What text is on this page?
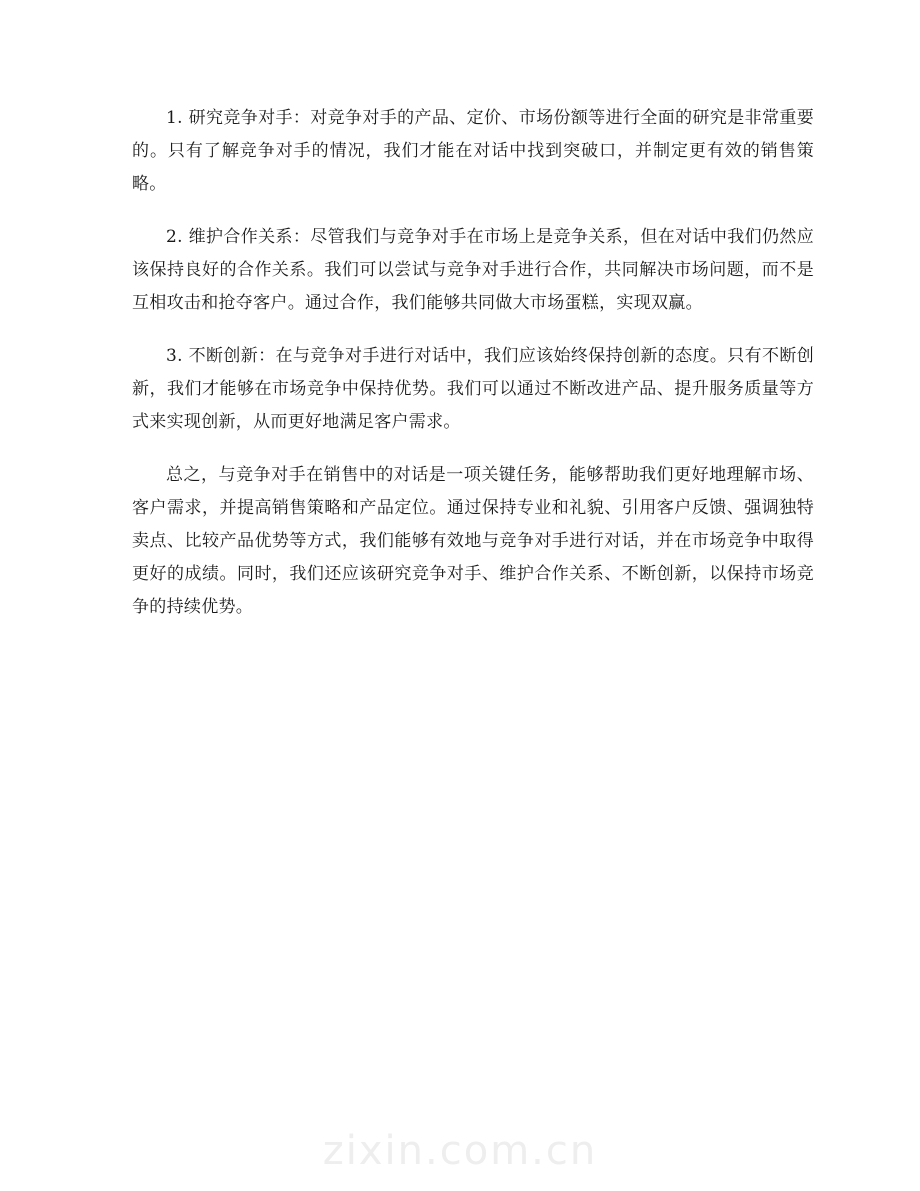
1. 研究竞争对手：对竞争对手的产品、定价、市场份额等进行全面的研究是非常重要的。只有了解竞争对手的情况，我们才能在对话中找到突破口，并制定更有效的销售策略。

2. 维护合作关系：尽管我们与竞争对手在市场上是竞争关系，但在对话中我们仍然应该保持良好的合作关系。我们可以尝试与竞争对手进行合作，共同解决市场问题，而不是互相攻击和抢夺客户。通过合作，我们能够共同做大市场蛋糕，实现双赢。

3. 不断创新：在与竞争对手进行对话中，我们应该始终保持创新的态度。只有不断创新，我们才能够在市场竞争中保持优势。我们可以通过不断改进产品、提升服务质量等方式来实现创新，从而更好地满足客户需求。

总之，与竞争对手在销售中的对话是一项关键任务，能够帮助我们更好地理解市场、客户需求，并提高销售策略和产品定位。通过保持专业和礼貌、引用客户反馈、强调独特卖点、比较产品优势等方式，我们能够有效地与竞争对手进行对话，并在市场竞争中取得更好的成绩。同时，我们还应该研究竞争对手、维护合作关系、不断创新，以保持市场竞争的持续优势。

zixin.com.cn
